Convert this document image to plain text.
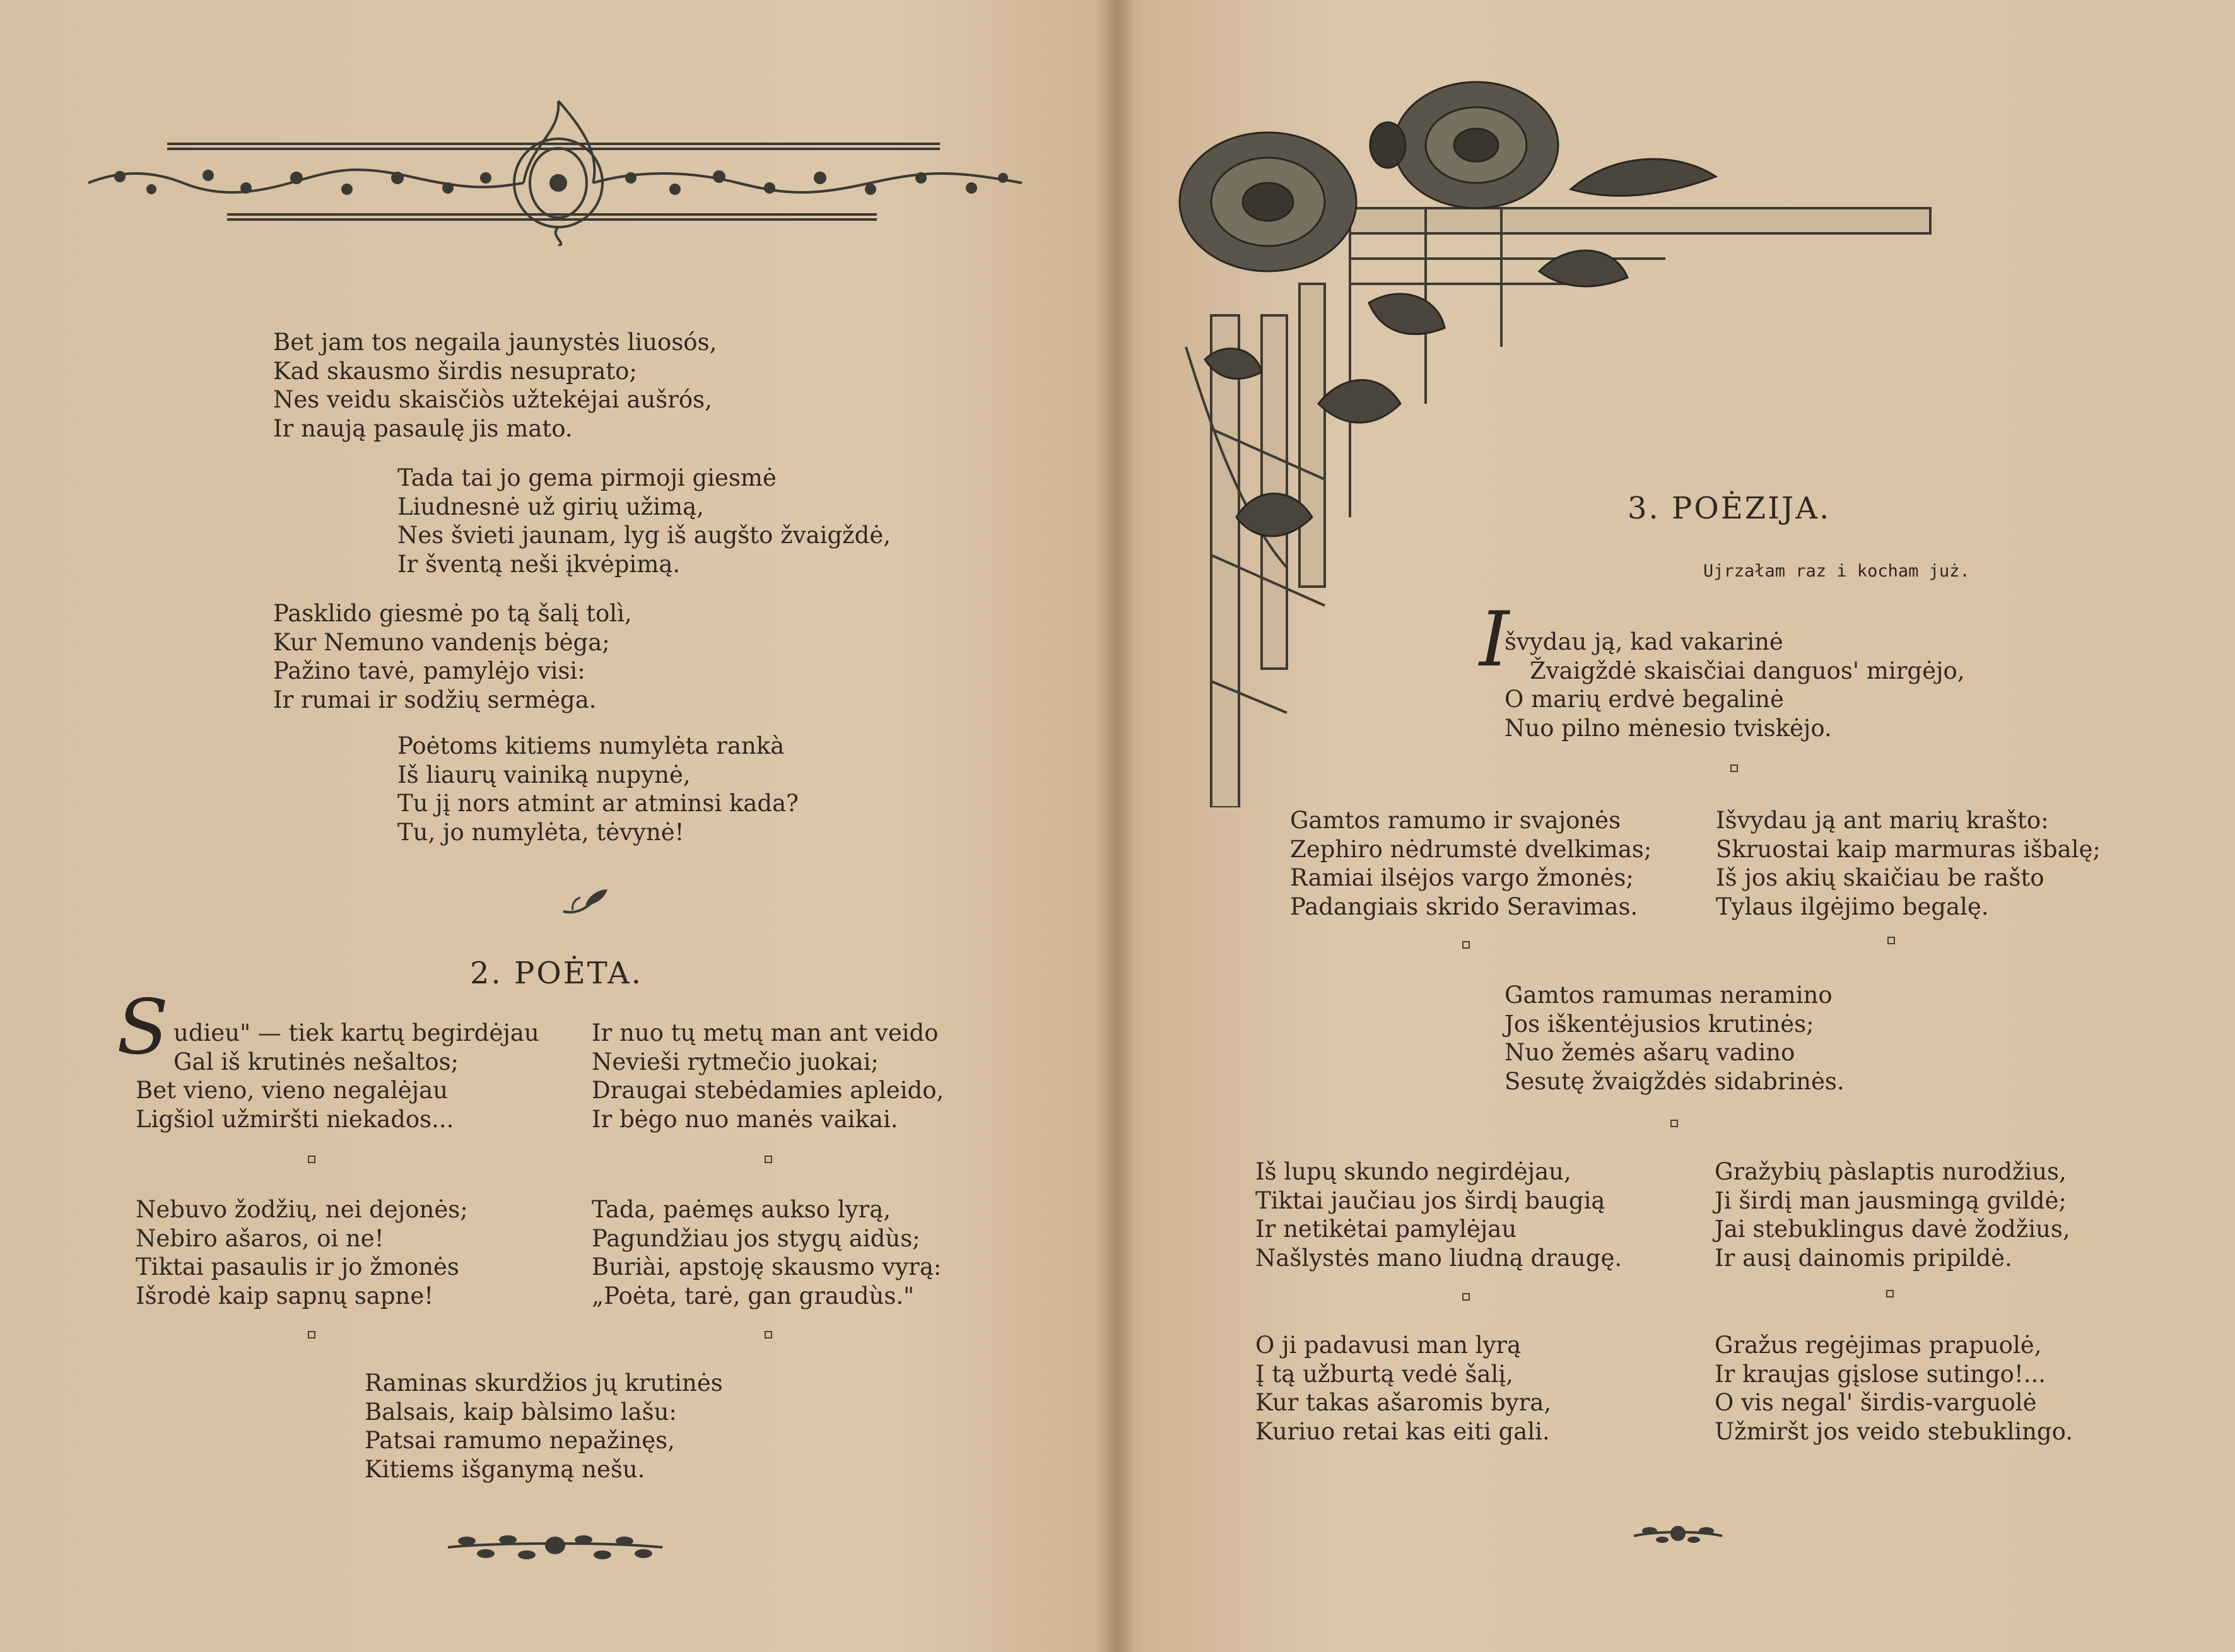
Bet jam tos negaila jaunystės liuosós,
Kad skausmo širdis nesuprato;
Nes veidu skaisčiòs užtekėjai aušrós,
Ir naują pasaulę jis mato.
Tada tai jo gema pirmoji giesmė
Liudnesnė už girių užimą,
Nes švieti jaunam, lyg iš augšto žvaigždė,
Ir šventą neši įkvėpimą.
Pasklido giesmė po tą šalį tolì,
Kur Nemuno vandenįs bėga;
Pažino tavė, pamylėjo visi:
Ir rumai ir sodžių sermėga.
Poėtoms kitiems numylėta rankà
Iš liaurų vainiką nupynė,
Tu jį nors atmint ar atminsi kada?
Tu, jo numylėta, tėvynė!
2. POĖTA.
S udieu" — tiek kartų begirdėjau
Gal iš krutinės nešaltos;
Bet vieno, vieno negalėjau
Ligšiol užmiršti niekados...
Ir nuo tų metų man ant veido
Nevieši rytmečio juokai;
Draugai stebėdamies apleido,
Ir bėgo nuo manės vaikai.
Nebuvo žodžių, nei dejonės;
Nebiro ašaros, oi ne!
Tiktai pasaulis ir jo žmonės
Išrodė kaip sapnų sapne!
Tada, paėmęs aukso lyrą,
Pagundžiau jos stygų aidùs;
Buriài, apstoję skausmo vyrą:
„Poėta, tarė, gan graudùs."
Raminas skurdžios jų krutinės
Balsais, kaip bàlsimo lašu:
Patsai ramumo nepažinęs,
Kitiems išganymą nešu.
3. POĖZIJA.
Ujrzałam raz i kocham już.
I
švydau ją, kad vakarinė
Žvaigždė skaisčiai danguos' mirgėjo,
O marių erdvė begalinė
Nuo pilno mėnesio tviskėjo.
Gamtos ramumo ir svajonės
Zephiro nėdrumstė dvelkimas;
Ramiai ilsėjos vargo žmonės;
Padangiais skrido Seravimas.
Išvydau ją ant marių krašto:
Skruostai kaip marmuras išbalę;
Iš jos akių skaičiau be rašto
Tylaus ilgėjimo begalę.
Gamtos ramumas neramino
Jos iškentėjusios krutinės;
Nuo žemės ašarų vadino
Sesutę žvaigždės sidabrinės.
Iš lupų skundo negirdėjau,
Tiktai jaučiau jos širdį baugią
Ir netikėtai pamylėjau
Našlystės mano liudną draugę.
Gražybių pàslaptis nurodžius,
Ji širdį man jausmingą gvildė;
Jai stebuklingus davė žodžius,
Ir ausį dainomis pripildė.
O ji padavusi man lyrą
Į tą užburtą vedė šalį,
Kur takas ašaromis byra,
Kuriuo retai kas eiti gali.
Gražus regėjimas prapuolė,
Ir kraujas gįslose sutingo!...
O vis negal' širdis-varguolė
Užmiršt jos veido stebuklingo.
